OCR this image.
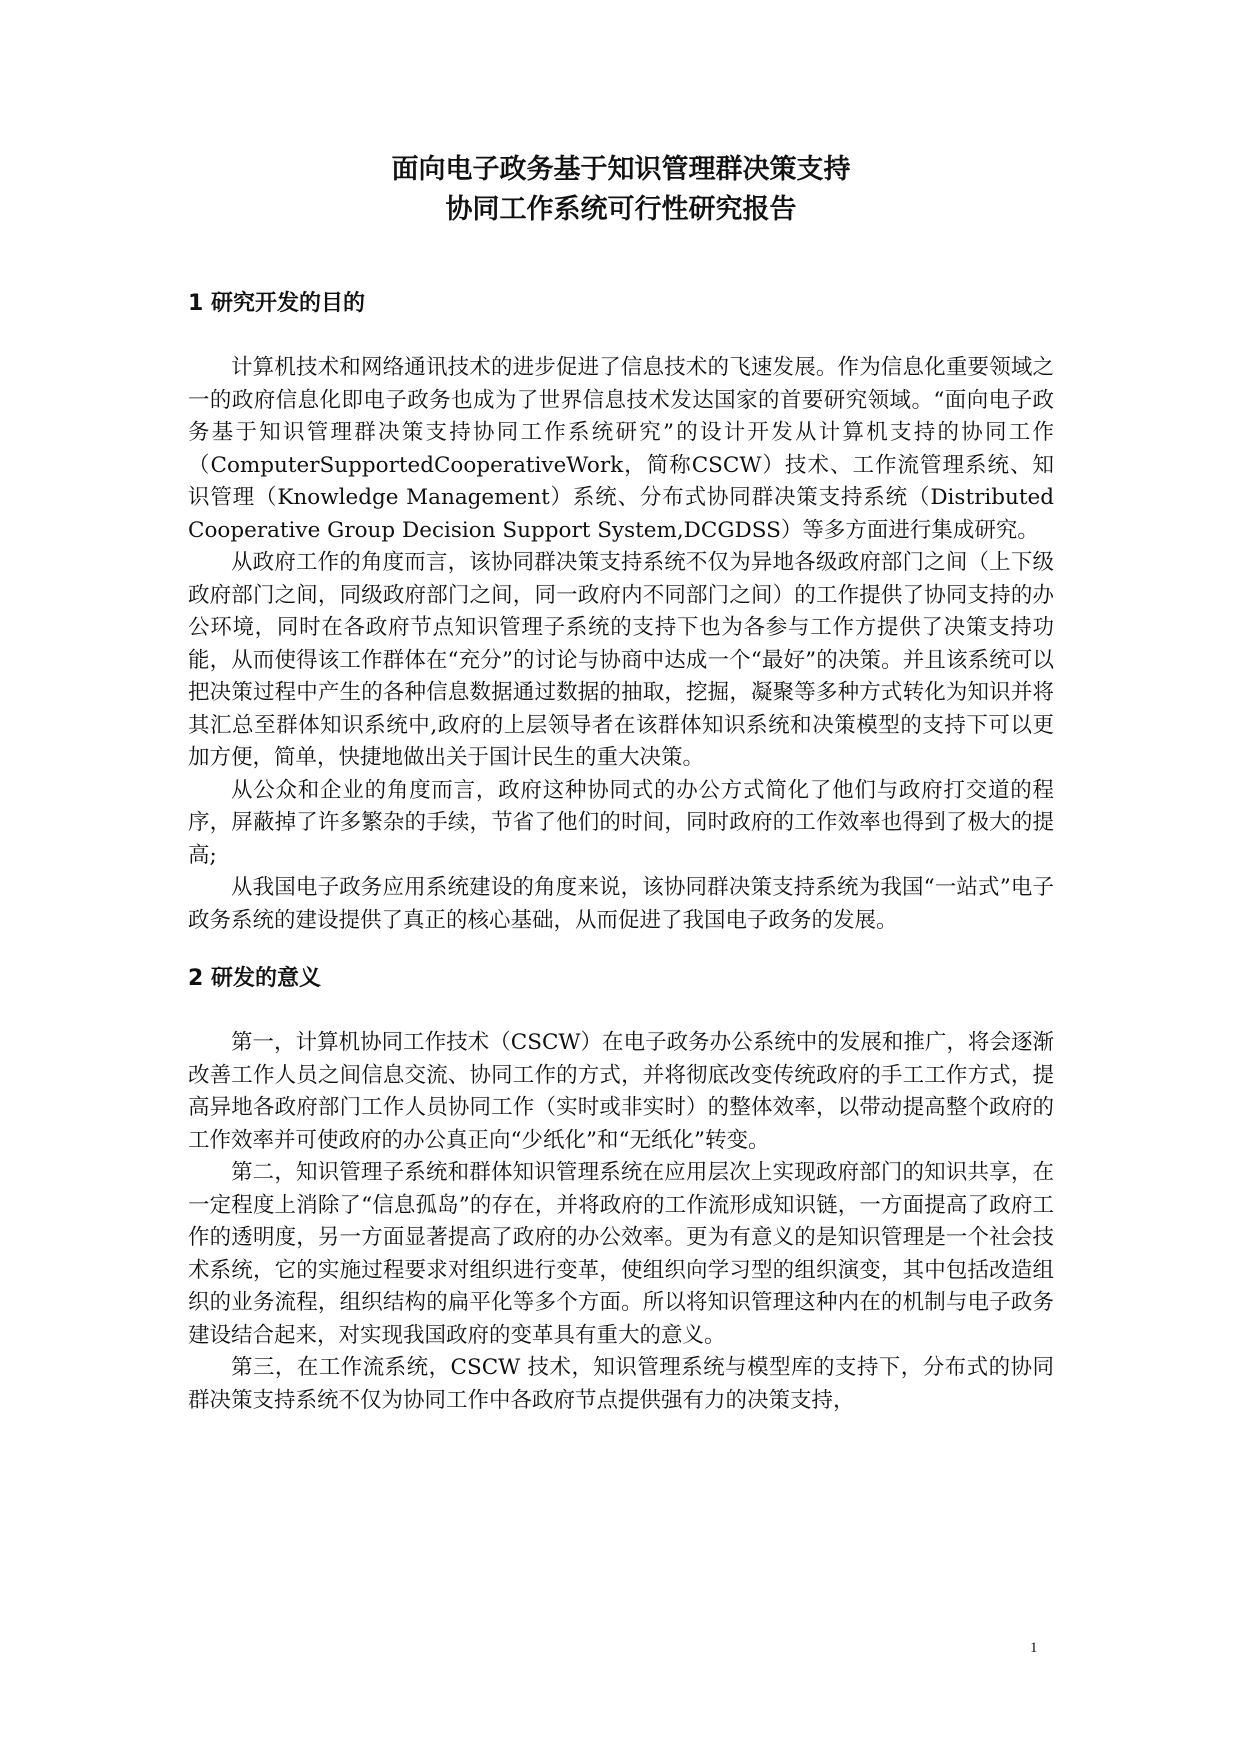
面向电子政务基于知识管理群决策支持

协同工作系统可行性研究报告

1 研究开发的目的

计算机技术和网络通讯技术的进步促进了信息技术的飞速发展。作为信息化重要领域之一的政府信息化即电子政务也成为了世界信息技术发达国家的首要研究领域。“面向电子政务基于知识管理群决策支持协同工作系统研究”的设计开发从计算机支持的协同工作（ComputerSupportedCooperativeWork，简称CSCW）技术、工作流管理系统、知识管理（Knowledge Management）系统、分布式协同群决策支持系统（Distributed Cooperative Group Decision Support System,DCGDSS）等多方面进行集成研究。

从政府工作的角度而言，该协同群决策支持系统不仅为异地各级政府部门之间（上下级政府部门之间，同级政府部门之间，同一政府内不同部门之间）的工作提供了协同支持的办公环境，同时在各政府节点知识管理子系统的支持下也为各参与工作方提供了决策支持功能，从而使得该工作群体在“充分”的讨论与协商中达成一个“最好”的决策。并且该系统可以把决策过程中产生的各种信息数据通过数据的抽取，挖掘，凝聚等多种方式转化为知识并将其汇总至群体知识系统中,政府的上层领导者在该群体知识系统和决策模型的支持下可以更加方便，简单，快捷地做出关于国计民生的重大决策。

从公众和企业的角度而言，政府这种协同式的办公方式简化了他们与政府打交道的程序，屏蔽掉了许多繁杂的手续，节省了他们的时间，同时政府的工作效率也得到了极大的提高;

从我国电子政务应用系统建设的角度来说，该协同群决策支持系统为我国“一站式”电子政务系统的建设提供了真正的核心基础，从而促进了我国电子政务的发展。

2 研发的意义

第一，计算机协同工作技术（CSCW）在电子政务办公系统中的发展和推广，将会逐渐改善工作人员之间信息交流、协同工作的方式，并将彻底改变传统政府的手工工作方式，提高异地各政府部门工作人员协同工作（实时或非实时）的整体效率，以带动提高整个政府的工作效率并可使政府的办公真正向“少纸化”和“无纸化”转变。

第二，知识管理子系统和群体知识管理系统在应用层次上实现政府部门的知识共享，在一定程度上消除了“信息孤岛”的存在，并将政府的工作流形成知识链，一方面提高了政府工作的透明度，另一方面显著提高了政府的办公效率。更为有意义的是知识管理是一个社会技术系统，它的实施过程要求对组织进行变革，使组织向学习型的组织演变，其中包括改造组织的业务流程，组织结构的扁平化等多个方面。所以将知识管理这种内在的机制与电子政务建设结合起来，对实现我国政府的变革具有重大的意义。

第三，在工作流系统，CSCW 技术，知识管理系统与模型库的支持下，分布式的协同群决策支持系统不仅为协同工作中各政府节点提供强有力的决策支持，

1
